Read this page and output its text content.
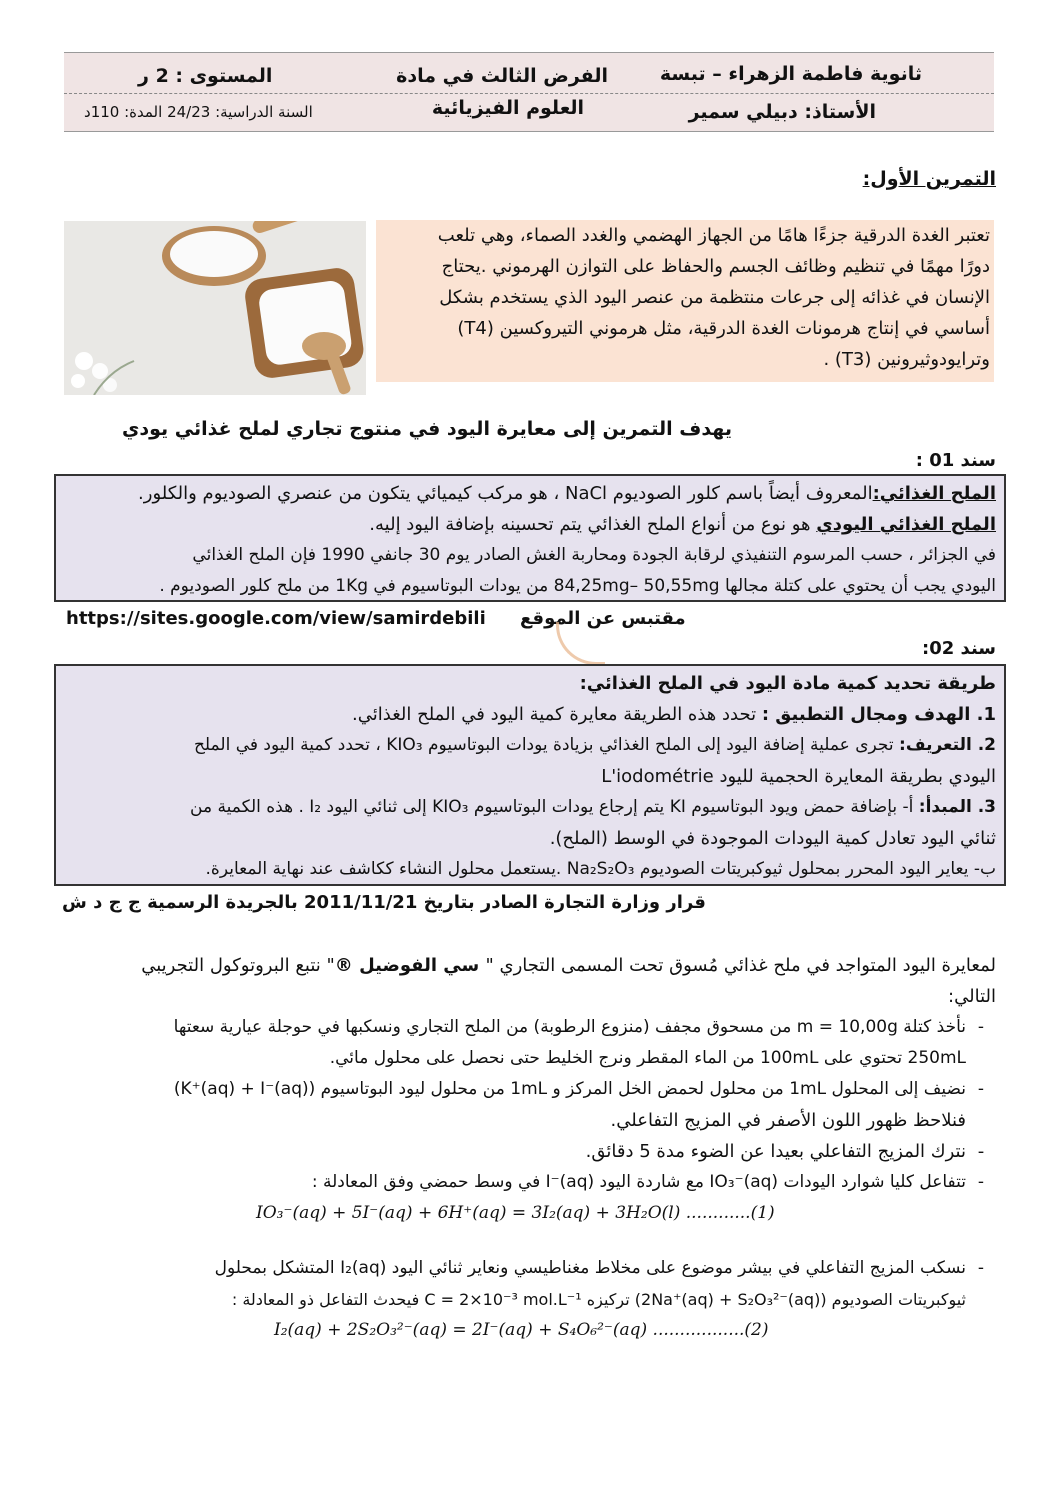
ثانوية فاطمة الزهراء – تبسة
الأستاذ: دبيلي سمير
الفرض الثالث في مادة
العلوم الفيزيائية
المستوى : 2 ر
السنة الدراسية: 24/23 المدة: 110د
التمرين الأول:
تعتبر الغدة الدرقية جزءًا هامًا من الجهاز الهضمي والغدد الصماء، وهي تلعب
دورًا مهمًا في تنظيم وظائف الجسم والحفاظ على التوازن الهرموني .يحتاج
الإنسان في غذائه إلى جرعات منتظمة من عنصر اليود الذي يستخدم بشكل
أساسي في إنتاج هرمونات الغدة الدرقية، مثل هرموني التيروكسين (T4)
وترايودوثيرونين (T3) .
يهدف التمرين إلى معايرة اليود في منتوج تجاري لملح غذائي يودي
سند 01 :
الملح الغذائي:المعروف أيضاً باسم كلور الصوديوم NaCl ، هو مركب كيميائي يتكون من عنصري الصوديوم والكلور.
الملح الغذائي اليودي هو نوع من أنواع الملح الغذائي يتم تحسينه بإضافة اليود إليه.
في الجزائر ، حسب المرسوم التنفيذي لرقابة الجودة ومحاربة الغش الصادر يوم 30 جانفي 1990 فإن الملح الغذائي
اليودي يجب أن يحتوي على كتلة مجالها 84,25mg– 50,55mg من يودات البوتاسيوم في 1Kg من ملح كلور الصوديوم .
https://sites.google.com/view/samirdebili مقتبس عن الموقع
سند 02:
طريقة تحديد كمية مادة اليود في الملح الغذائي:
1. الهدف ومجال التطبيق : تحدد هذه الطريقة معايرة كمية اليود في الملح الغذائي.
2. التعريف: تجرى عملية إضافة اليود إلى الملح الغذائي بزيادة يودات البوتاسيوم KIO₃ ، تحدد كمية اليود في الملح
اليودي بطريقة المعايرة الحجمية لليود L'iodométrie
3. المبدأ: أ- بإضافة حمض ويود البوتاسيوم KI يتم إرجاع يودات البوتاسيوم KIO₃ إلى ثنائي اليود I₂ . هذه الكمية من
ثنائي اليود تعادل كمية اليودات الموجودة في الوسط (الملح).
ب- يعاير اليود المحرر بمحلول ثيوكبريتات الصوديوم Na₂S₂O₃ .يستعمل محلول النشاء ككاشف عند نهاية المعايرة.
قرار وزارة التجارة الصادر بتاريخ 2011/11/21 بالجريدة الرسمية ج ج د ش
لمعايرة اليود المتواجد في ملح غذائي مُسوق تحت المسمى التجاري " سي الفوضيل ®" نتبع البروتوكول التجريبي
التالي:
-نأخذ كتلة m = 10,00g من مسحوق مجفف (منزوع الرطوبة) من الملح التجاري ونسكبها في حوجلة عيارية سعتها
250mL تحتوي على 100mL من الماء المقطر ونرج الخليط حتى نحصل على محلول مائي.
-نضيف إلى المحلول 1mL من محلول لحمض الخل المركز و 1mL من محلول ليود البوتاسيوم (K⁺(aq) + I⁻(aq))
فنلاحظ ظهور اللون الأصفر في المزيج التفاعلي.
-نترك المزيج التفاعلي بعيدا عن الضوء مدة 5 دقائق.
-تتفاعل كليا شوارد اليودات IO₃⁻(aq) مع شاردة اليود I⁻(aq) في وسط حمضي وفق المعادلة :
IO₃⁻(aq) + 5I⁻(aq) + 6H⁺(aq) = 3I₂(aq) + 3H₂O(l) ............(1)
-نسكب المزيج التفاعلي في بيشر موضوع على مخلاط مغناطيسي ونعاير ثنائي اليود I₂(aq) المتشكل بمحلول
ثيوكبريتات الصوديوم (2Na⁺(aq) + S₂O₃²⁻(aq)) تركيزه C = 2×10⁻³ mol.L⁻¹ فيحدث التفاعل ذو المعادلة :
I₂(aq) + 2S₂O₃²⁻(aq) = 2I⁻(aq) + S₄O₆²⁻(aq) .................(2)
